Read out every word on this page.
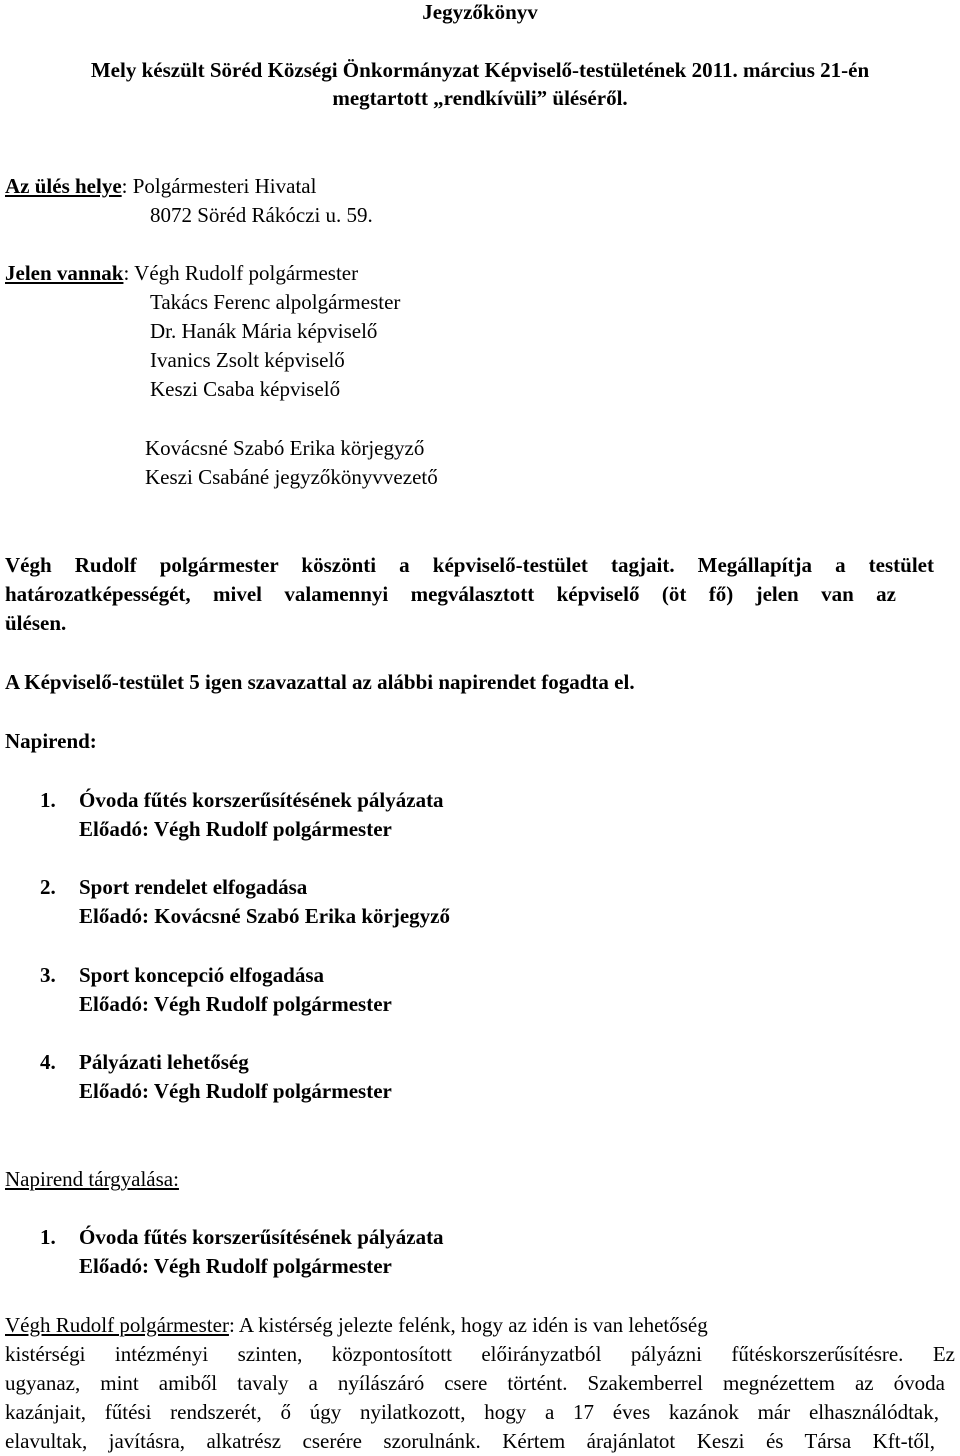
Jegyzőkönyv
Mely készült Söréd Községi Önkormányzat Képviselő-testületének 2011. március 21-én
megtartott „rendkívüli” üléséről.
Az ülés helye: Polgármesteri Hivatal
8072 Söréd Rákóczi u. 59.
Jelen vannak: Végh Rudolf polgármester
Takács Ferenc alpolgármester
Dr. Hanák Mária képviselő
Ivanics Zsolt képviselő
Keszi Csaba képviselő
Kovácsné Szabó Erika körjegyző
Keszi Csabáné jegyzőkönyvvezető
Végh Rudolf polgármester köszönti a képviselő-testület tagjait. Megállapítja a testület
határozatképességét, mivel valamennyi megválasztott képviselő (öt fő) jelen van az
ülésen.
A Képviselő-testület 5 igen szavazattal az alábbi napirendet fogadta el.
Napirend:
1. Óvoda fűtés korszerűsítésének pályázata
Előadó: Végh Rudolf polgármester
2. Sport rendelet elfogadása
Előadó: Kovácsné Szabó Erika körjegyző
3. Sport koncepció elfogadása
Előadó: Végh Rudolf polgármester
4. Pályázati lehetőség
Előadó: Végh Rudolf polgármester
Napirend tárgyalása:
1. Óvoda fűtés korszerűsítésének pályázata
Előadó: Végh Rudolf polgármester
Végh Rudolf polgármester: A kistérség jelezte felénk, hogy az idén is van lehetőség
kistérségi intézményi szinten, központosított előirányzatból pályázni fűtéskorszerűsítésre. Ez
ugyanaz, mint amiből tavaly a nyílászáró csere történt. Szakemberrel megnézettem az óvoda
kazánjait, fűtési rendszerét, ő úgy nyilatkozott, hogy a 17 éves kazánok már elhasználódtak,
elavultak, javításra, alkatrész cserére szorulnánk. Kértem árajánlatot Keszi és Társa Kft-től,
